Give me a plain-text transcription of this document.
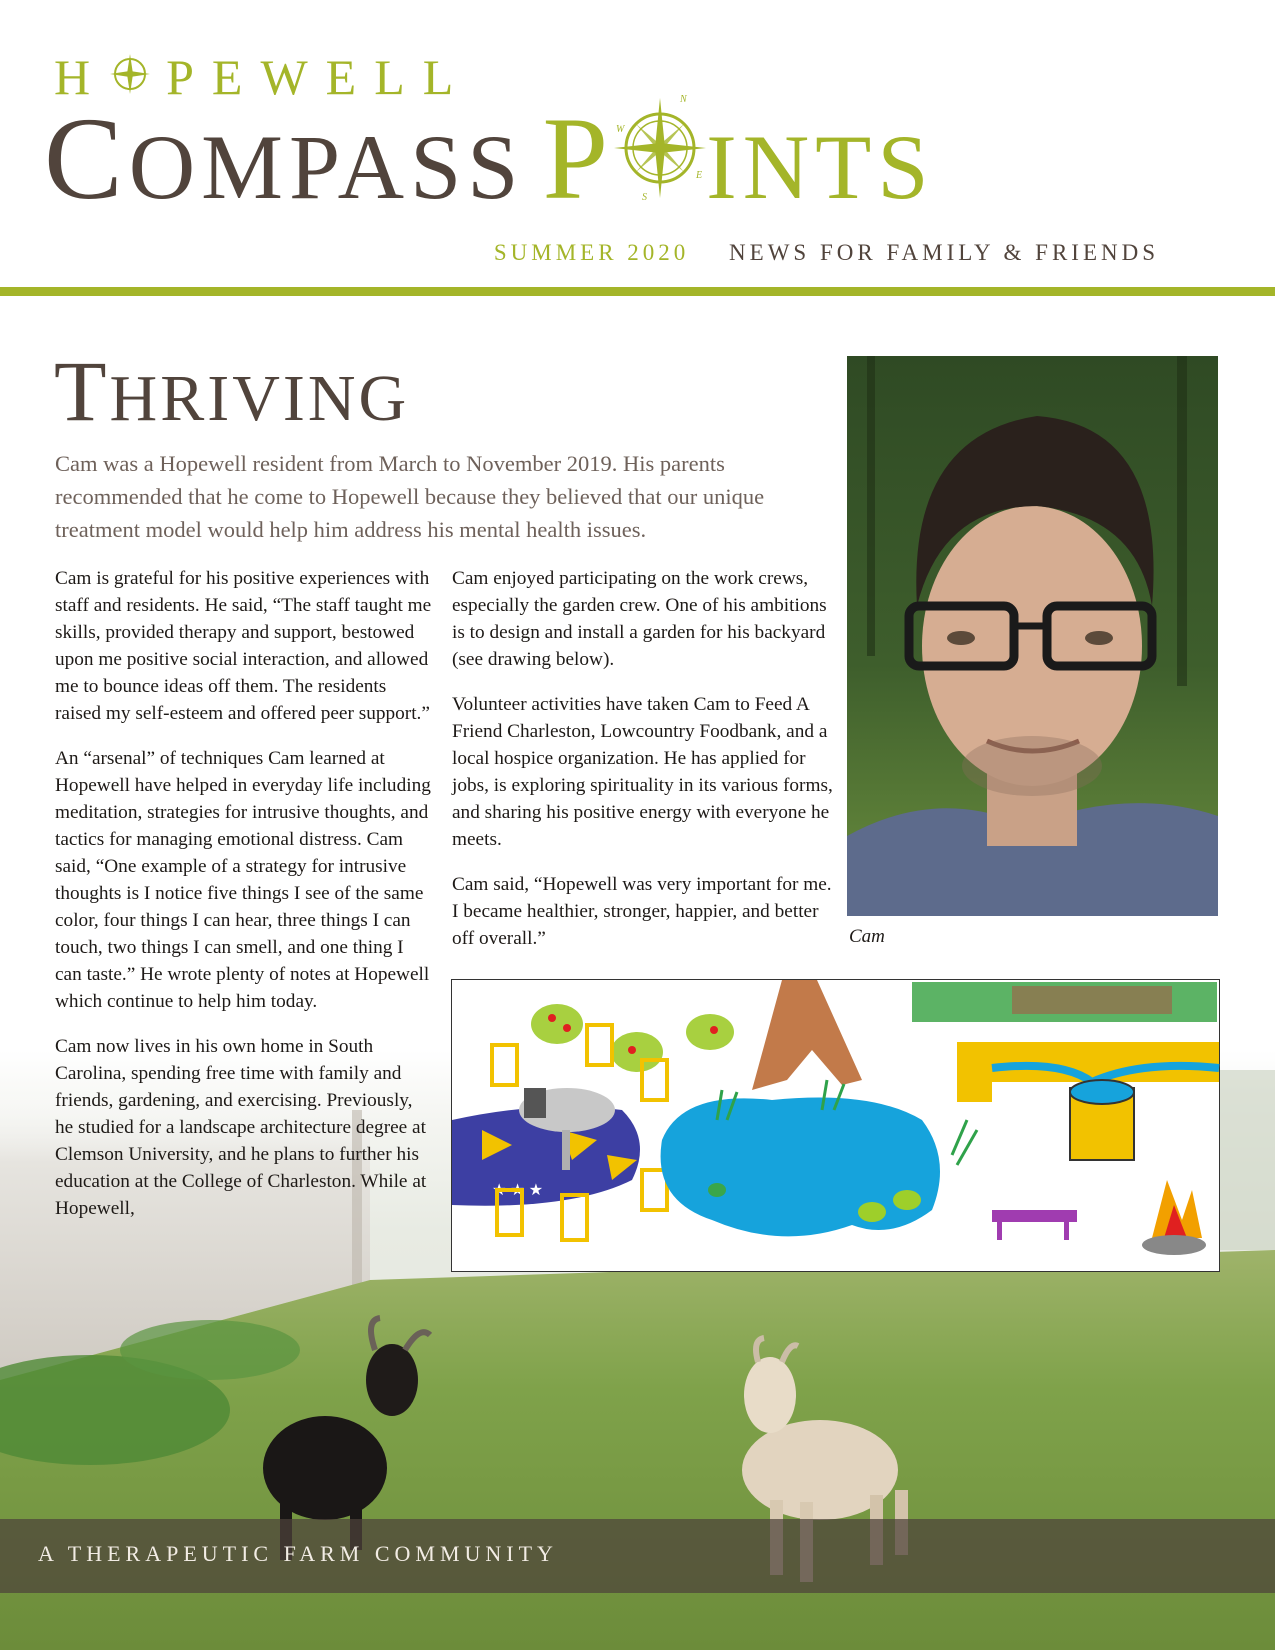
H PEWELL
COMPASS P	N
E
S
W INTS
SUMMER 2020 NEWS FOR FAMILY & FRIENDS
THRIVING
Cam was a Hopewell resident from March to November 2019. His parents recommended that he come to Hopewell because they believed that our unique treatment model would help him address his mental health issues.

Cam is grateful for his positive experiences with staff and residents. He said, “The staff taught me skills, provided therapy and support, bestowed upon me positive social interaction, and allowed me to bounce ideas off them. The residents raised my self-esteem and offered peer support.”

An “arsenal” of techniques Cam learned at Hopewell have helped in everyday life including meditation, strategies for intrusive thoughts, and tactics for managing emotional distress. Cam said, “One example of a strategy for intrusive thoughts is I notice five things I see of the same color, four things I can hear, three things I can touch, two things I can smell, and one thing I can taste.” He wrote plenty of notes at Hopewell which continue to help him today.

Cam now lives in his own home in South Carolina, spending free time with family and friends, gardening, and exercising. Previously, he studied for a landscape architecture degree at Clemson University, and he plans to further his education at the College of Charleston. While at Hopewell,

Cam enjoyed participating on the work crews, especially the garden crew. One of his ambitions is to design and install a garden for his backyard (see drawing below).

Volunteer activities have taken Cam to Feed A Friend Charleston, Lowcountry Foodbank, and a local hospice organization. He has applied for jobs, is exploring spirituality in its various forms, and sharing his positive energy with everyone he meets.

Cam said, “Hopewell was very important for me. I became healthier, stronger, happier, and better off overall.”	Cam
★ ★ ★
A THERAPEUTIC FARM COMMUNITY
